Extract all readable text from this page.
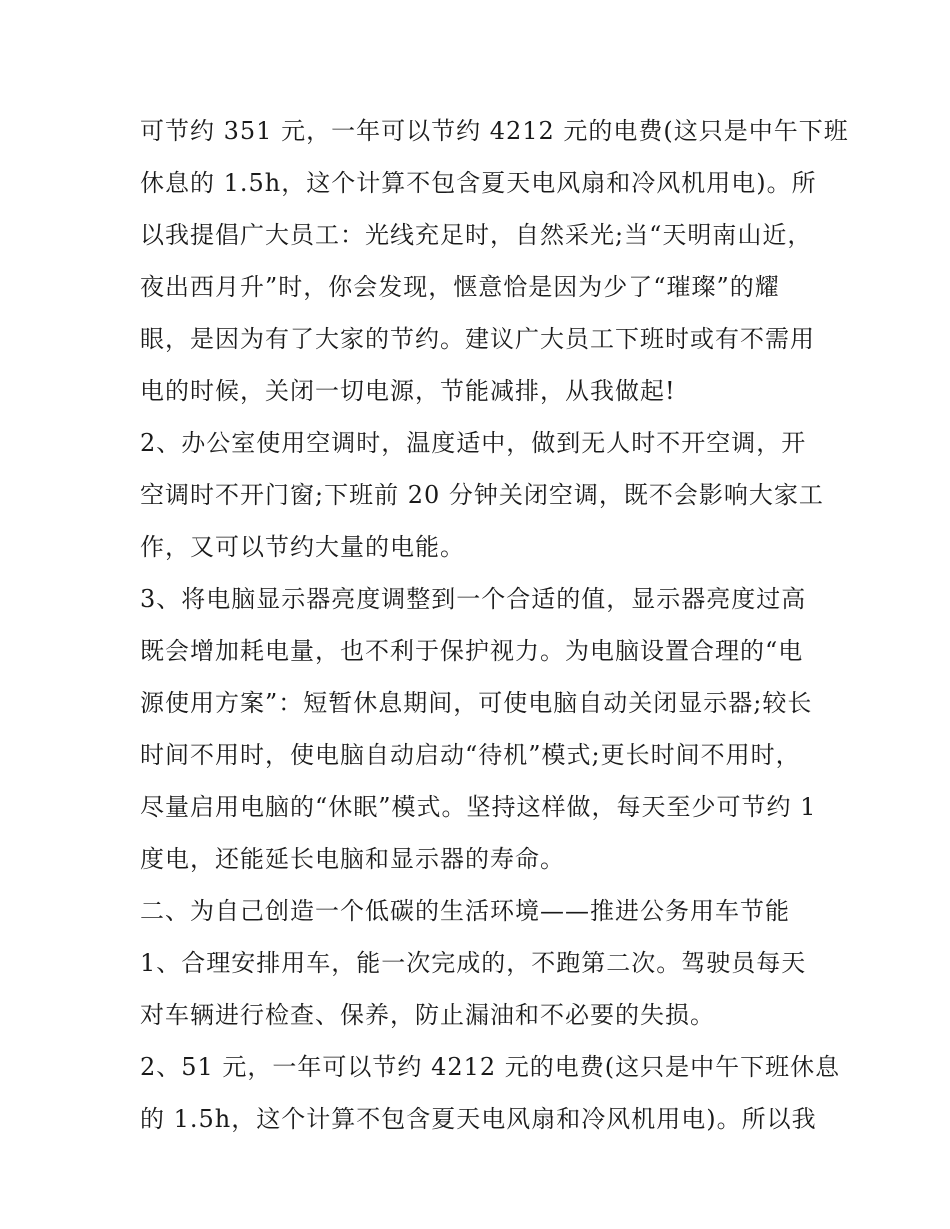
可节约 351 元，一年可以节约 4212 元的电费(这只是中午下班
休息的 1.5h，这个计算不包含夏天电风扇和冷风机用电)。所
以我提倡广大员工：光线充足时，自然采光;当“天明南山近，
夜出西月升”时，你会发现，惬意恰是因为少了“璀璨”的耀
眼，是因为有了大家的节约。建议广大员工下班时或有不需用
电的时候，关闭一切电源，节能减排，从我做起!
2、办公室使用空调时，温度适中，做到无人时不开空调，开
空调时不开门窗;下班前 20 分钟关闭空调，既不会影响大家工
作，又可以节约大量的电能。
3、将电脑显示器亮度调整到一个合适的值，显示器亮度过高
既会增加耗电量，也不利于保护视力。为电脑设置合理的“电
源使用方案”：短暂休息期间，可使电脑自动关闭显示器;较长
时间不用时，使电脑自动启动“待机”模式;更长时间不用时，
尽量启用电脑的“休眠”模式。坚持这样做，每天至少可节约 1
度电，还能延长电脑和显示器的寿命。
二、为自己创造一个低碳的生活环境——推进公务用车节能
1、合理安排用车，能一次完成的，不跑第二次。驾驶员每天
对车辆进行检查、保养，防止漏油和不必要的失损。
2、51 元，一年可以节约 4212 元的电费(这只是中午下班休息
的 1.5h，这个计算不包含夏天电风扇和冷风机用电)。所以我
